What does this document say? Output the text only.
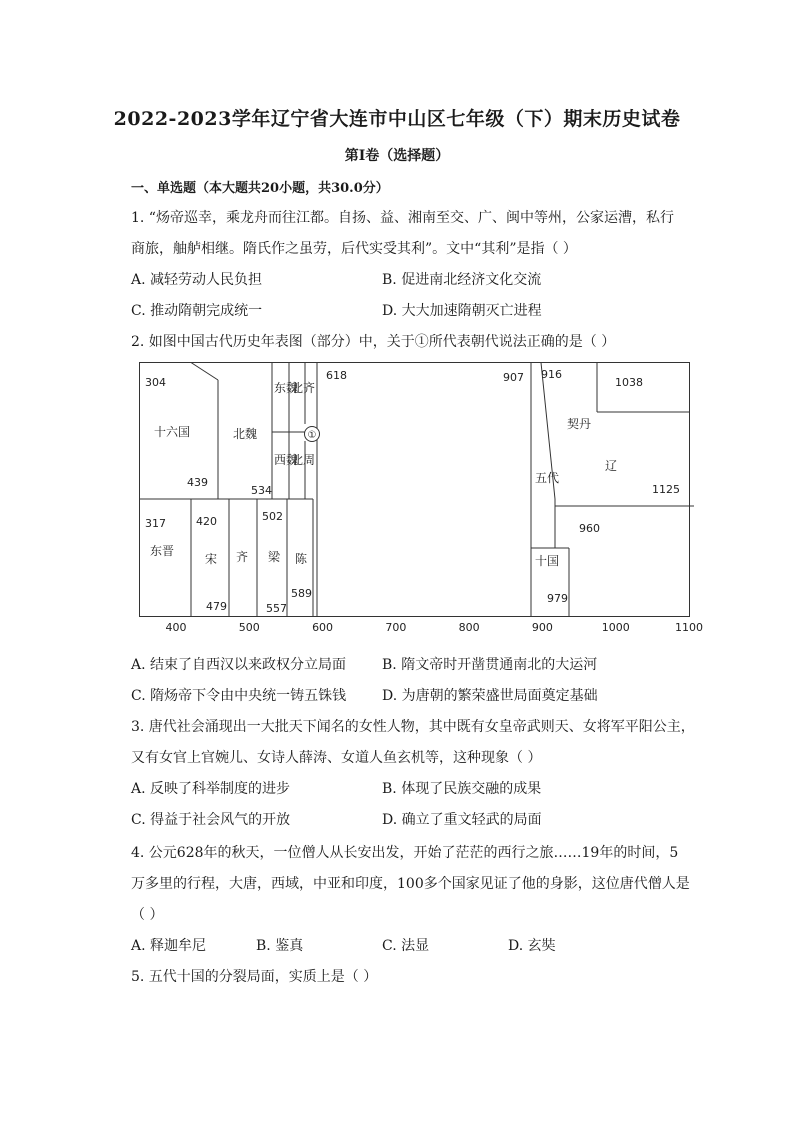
2022-2023学年辽宁省大连市中山区七年级（下）期末历史试卷
第Ⅰ卷（选择题）
一、单选题（本大题共20小题，共30.0分）
1. “炀帝巡幸，乘龙舟而往江都。自扬、益、湘南至交、广、闽中等州，公家运漕，私行
商旅，舳舻相继。隋氏作之虽劳，后代实受其利”。文中“其利”是指（ ）
A. 减轻劳动人民负担	B. 促进南北经济文化交流
C. 推动隋朝完成统一	D. 大大加速隋朝灭亡进程
2. 如图中国古代历史年表图（部分）中，关于①所代表朝代说法正确的是（ ）
304
439
534
317	420
479
502
557
589
618	907 916
1038
1125
960
979
十六国	北魏
东魏
北齐
西魏
北周
①
东晋
宋 齐 梁 陈
五代
十国
契丹
辽
400	500	600	700	800	900	1000	1100
A. 结束了自西汉以来政权分立局面	B. 隋文帝时开凿贯通南北的大运河
C. 隋炀帝下令由中央统一铸五铢钱	D. 为唐朝的繁荣盛世局面奠定基础
3. 唐代社会涌现出一大批天下闻名的女性人物，其中既有女皇帝武则天、女将军平阳公主，
又有女官上官婉儿、女诗人薛涛、女道人鱼玄机等，这种现象（ ）
A. 反映了科举制度的进步	B. 体现了民族交融的成果
C. 得益于社会风气的开放	D. 确立了重文轻武的局面
4. 公元628年的秋天，一位僧人从长安出发，开始了茫茫的西行之旅……19年的时间，5
万多里的行程，大唐，西域，中亚和印度，100多个国家见证了他的身影，这位唐代僧人是
（ ）
A. 释迦牟尼	B. 鉴真	C. 法显	D. 玄奘
5. 五代十国的分裂局面，实质上是（ ）
